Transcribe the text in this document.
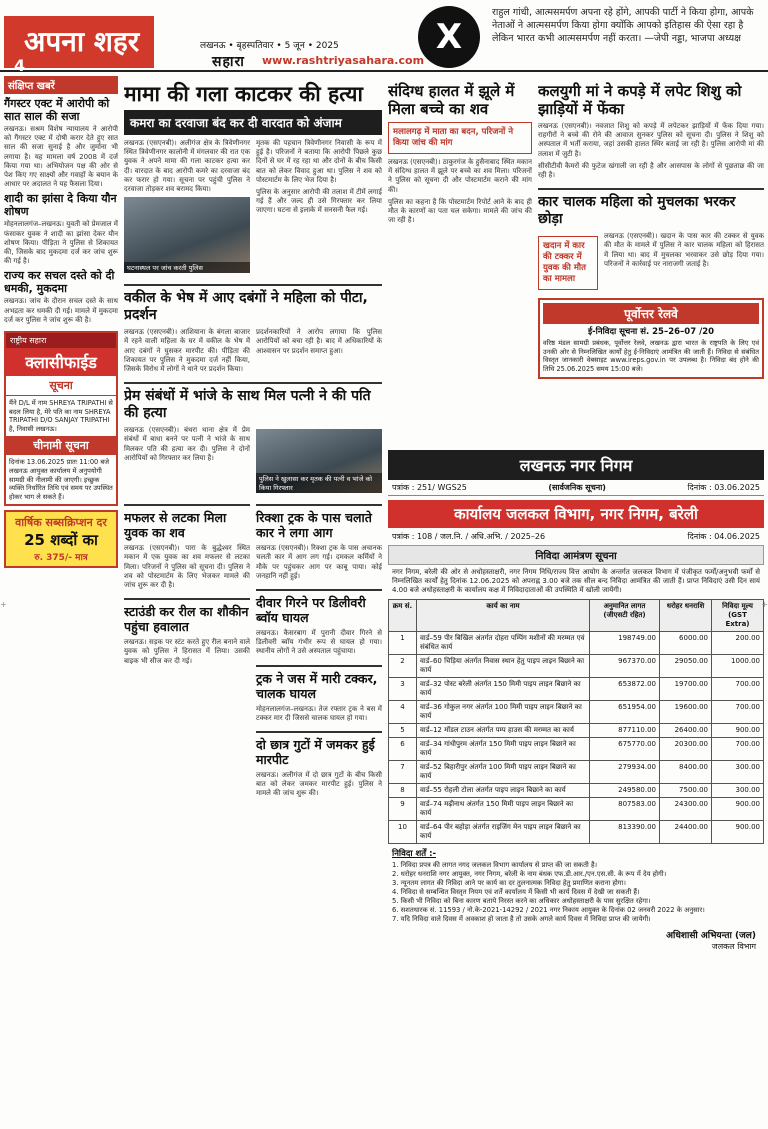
अपना शहर
4
लखनऊ • बृहस्पतिवार • 5 जून • 2025
सहारा www.rashtriyasahara.com
X
राहुल गांधी, आत्मसमर्पण अपना रहे होंगे, आपकी पार्टी ने किया होगा, आपके नेताओं ने आत्मसमर्पण किया होगा क्योंकि आपको इतिहास की ऐसा रहा है लेकिन भारत कभी आत्मसमर्पण नहीं करता। —जेपी नड्डा, भाजपा अध्यक्ष
संक्षिप्त खबरें
गैंगस्टर एक्ट में आरोपी को सात साल की सजा
लखनऊ। सश्रम विशेष न्यायालय ने आरोपी को गैंगस्टर एक्ट में दोषी करार देते हुए सात साल की सजा सुनाई है और जुर्माना भी लगाया है। यह मामला वर्ष 2008 में दर्ज किया गया था। अभियोजन पक्ष की ओर से पेश किए गए साक्ष्यों और गवाहों के बयान के आधार पर अदालत ने यह फैसला दिया।
शादी का झांसा दे किया यौन शोषण
मोहनलालगंज–लखनऊ। युवती को प्रेमजाल में फंसाकर युवक ने शादी का झांसा देकर यौन शोषण किया। पीड़िता ने पुलिस से शिकायत की, जिसके बाद मुकदमा दर्ज कर जांच शुरू की गई है।
राज्य कर सचल दस्ते को दी धमकी, मुकदमा
लखनऊ। जांच के दौरान सचल दस्ते के साथ अभद्रता कर धमकी दी गई। मामले में मुकदमा दर्ज कर पुलिस ने जांच शुरू की है।
राष्ट्रीय सहारा
क्लासीफाईड
सूचना
मैंने D/L में नाम SHREYA TRIPATHI से बदल लिया है, मेरे पति का नाम SHREYA TRIPATHI D/O SANJAY TRIPATHI है, निवासी लखनऊ।
चीनामी सूचना
दिनांक 13.06.2025 प्रातः 11:00 बजे लखनऊ आयुक्त कार्यालय में अनुपयोगी सामग्री की नीलामी की जाएगी। इच्छुक व्यक्ति निर्धारित तिथि एवं समय पर उपस्थित होकर भाग ले सकते हैं।
वार्षिक सब्सक्रिप्शन दर
25 शब्दों का
रु. 375/- मात्र
मामा की गला काटकर की हत्या
कमरा का दरवाजा बंद कर दी वारदात को अंजाम
लखनऊ (एसएनबी)। अलीगंज क्षेत्र के त्रिवेणीनगर स्थित त्रिवेणीनगर कालोनी में मंगलवार की रात एक युवक ने अपने मामा की गला काटकर हत्या कर दी। वारदात के बाद आरोपी कमरे का दरवाजा बंद कर फरार हो गया। सूचना पर पहुंची पुलिस ने दरवाजा तोड़कर शव बरामद किया।
घटनास्थल पर जांच करती पुलिस
मृतक की पहचान त्रिवेणीनगर निवासी के रूप में हुई है। परिजनों ने बताया कि आरोपी पिछले कुछ दिनों से घर में रह रहा था और दोनों के बीच किसी बात को लेकर विवाद हुआ था। पुलिस ने शव को पोस्टमार्टम के लिए भेज दिया है।
पुलिस के अनुसार आरोपी की तलाश में टीमें लगाई गई हैं और जल्द ही उसे गिरफ्तार कर लिया जाएगा। घटना से इलाके में सनसनी फैल गई।
वकील के भेष में आए दबंगों ने महिला को पीटा, प्रदर्शन
लखनऊ (एसएनबी)। आशियाना के बंगला बाजार में रहने वाली महिला के घर में वकील के भेष में आए दबंगों ने घुसकर मारपीट की। पीड़िता की शिकायत पर पुलिस ने मुकदमा दर्ज नहीं किया, जिसके विरोध में लोगों ने थाने पर प्रदर्शन किया।
प्रदर्शनकारियों ने आरोप लगाया कि पुलिस आरोपियों को बचा रही है। बाद में अधिकारियों के आश्वासन पर प्रदर्शन समाप्त हुआ।
प्रेम संबंधों में भांजे के साथ मिल पत्नी ने की पति की हत्या
लखनऊ (एसएनबी)। बंथरा थाना क्षेत्र में प्रेम संबंधों में बाधा बनने पर पत्नी ने भांजे के साथ मिलकर पति की हत्या कर दी। पुलिस ने दोनों आरोपियों को गिरफ्तार कर लिया है।
पुलिस ने खुलासा कर मृतक की पत्नी व भांजे को किया गिरफ्तार
मफलर से लटका मिला युवक का शव
लखनऊ (एसएनबी)। पारा के बुद्धेश्वर स्थित मकान में एक युवक का शव मफलर से लटका मिला। परिजनों ने पुलिस को सूचना दी। पुलिस ने शव को पोस्टमार्टम के लिए भेजकर मामले की जांच शुरू कर दी है।
स्टाउंडी कर रील का शौकीन पहुंचा हवालात
लखनऊ। सड़क पर स्टंट करते हुए रील बनाने वाले युवक को पुलिस ने हिरासत में लिया। उसकी बाइक भी सीज कर दी गई।
रिक्शा ट्रक के पास चलाते कार ने लगा आग
लखनऊ (एसएनबी)। रिक्शा ट्रक के पास अचानक चलती कार में आग लग गई। दमकल कर्मियों ने मौके पर पहुंचकर आग पर काबू पाया। कोई जनहानि नहीं हुई।
दीवार गिरने पर डिलीवरी ब्वॉय घायल
लखनऊ। कैसरबाग में पुरानी दीवार गिरने से डिलीवरी ब्वॉय गंभीर रूप से घायल हो गया। स्थानीय लोगों ने उसे अस्पताल पहुंचाया।
ट्रक ने जस में मारी टक्कर, चालक घायल
मोहनलालगंज–लखनऊ। तेज रफ्तार ट्रक ने बस में टक्कर मार दी जिससे चालक घायल हो गया।
दो छात्र गुटों में जमकर हुई मारपीट
लखनऊ। अलीगंज में दो छात्र गुटों के बीच किसी बात को लेकर जमकर मारपीट हुई। पुलिस ने मामले की जांच शुरू की।
संदिग्ध हालत में झूले में मिला बच्चे का शव
मलालगढ़ में माता का बदन, परिजनों ने किया जांच की मांग
लखनऊ (एसएनबी)। ठाकुरगंज के हुसैनाबाद स्थित मकान में संदिग्ध हालत में झूले पर बच्चे का शव मिला। परिजनों ने पुलिस को सूचना दी और पोस्टमार्टम कराने की मांग की।
पुलिस का कहना है कि पोस्टमार्टम रिपोर्ट आने के बाद ही मौत के कारणों का पता चल सकेगा। मामले की जांच की जा रही है।
कलयुगी मां ने कपड़े में लपेट शिशु को झाड़ियों में फेंका
लखनऊ (एसएनबी)। नवजात शिशु को कपड़े में लपेटकर झाड़ियों में फेंक दिया गया। राहगीरों ने बच्चे की रोने की आवाज सुनकर पुलिस को सूचना दी। पुलिस ने शिशु को अस्पताल में भर्ती कराया, जहां उसकी हालत स्थिर बताई जा रही है। पुलिस आरोपी मां की तलाश में जुटी है।
सीसीटीवी कैमरों की फुटेज खंगाली जा रही है और आसपास के लोगों से पूछताछ की जा रही है।
कार चालक महिला को मुचलका भरकर छोड़ा
खदान में कार की टक्कर में युवक की मौत का मामला
लखनऊ (एसएनबी)। खदान के पास कार की टक्कर से युवक की मौत के मामले में पुलिस ने कार चालक महिला को हिरासत में लिया था। बाद में मुचलका भरवाकर उसे छोड़ दिया गया। परिजनों ने कार्रवाई पर नाराजगी जताई है।
पूर्वोत्तर रेलवे
ई-निविदा सूचना सं. 25–26–07 /20
वरिष्ठ मंडल सामग्री प्रबंधक, पूर्वोत्तर रेलवे, लखनऊ द्वारा भारत के राष्ट्रपति के लिए एवं उनकी ओर से निम्नलिखित कार्यों हेतु ई-निविदाएं आमंत्रित की जाती हैं। निविदा से संबंधित विस्तृत जानकारी वेबसाइट www.ireps.gov.in पर उपलब्ध है। निविदा बंद होने की तिथि 25.06.2025 समय 15:00 बजे।
लखनऊ नगर निगम
पत्रांक : 251/ WGS25	(सार्वजनिक सूचना)	दिनांक : 03.06.2025
कार्यालय जलकल विभाग, नगर निगम, बरेली
पत्रांक : 108 / जल.नि. / अधि.अभि. / 2025–26	दिनांक : 04.06.2025
निविदा आमंत्रण सूचना
नगर निगम, बरेली की ओर से अधोहस्ताक्षरी, नगर निगम निधि/राज्य वित्त आयोग के अन्तर्गत जलकल विभाग में पंजीकृत फर्मों/अनुभवी फर्मों से निम्नलिखित कार्यों हेतु दिनांक 12.06.2025 को अपराह्न 3.00 बजे तक सील बन्द निविदा आमंत्रित की जाती हैं। प्राप्त निविदाएं उसी दिन सायं 4.00 बजे अधोहस्ताक्षरी के कार्यालय कक्ष में निविदादाताओं की उपस्थिति में खोली जायेंगी।
क्रम सं.	कार्य का नाम	अनुमानित लागत (जीएसटी रहित)	धरोहर धनराशि	निविदा मूल्य (GST Extra)
1	वार्ड–59 पीर बिखिल अंतर्गत दोहरा पम्पिंग मशीनों की मरम्मत एवं संबंधित कार्य	198749.00	6000.00	200.00
2	वार्ड–60 चिड़िया अंतर्गत निवास स्थान हेतु पाइप लाइन बिछाने का कार्य	967370.00	29050.00	1000.00
3	वार्ड–32 पोस्ट बरेली अंतर्गत 150 मिमी पाइप लाइन बिछाने का कार्य	653872.00	19700.00	700.00
4	वार्ड–36 गोकुल नगर अंतर्गत 100 मिमी पाइप लाइन बिछाने का कार्य	651954.00	19600.00	700.00
5	वार्ड–12 मॉडल टाउन अंतर्गत पम्प हाउस की मरम्मत का कार्य	877110.00	26400.00	900.00
6	वार्ड–34 गांधीपुरम अंतर्गत 150 मिमी पाइप लाइन बिछाने का कार्य	675770.00	20300.00	700.00
7	वार्ड–52 बिहारीपुर अंतर्गत 100 मिमी पाइप लाइन बिछाने का कार्य	279934.00	8400.00	300.00
8	वार्ड–55 रोहली टोला अंतर्गत पाइप लाइन बिछाने का कार्य	249580.00	7500.00	300.00
9	वार्ड–74 मढ़ीनाथ अंतर्गत 150 मिमी पाइप लाइन बिछाने का कार्य	807583.00	24300.00	900.00
10	वार्ड–64 पीर बहोड़ा अंतर्गत राइजिंग मेन पाइप लाइन बिछाने का कार्य	813390.00	24400.00	900.00
निविदा शर्तें :-
1. निविदा प्रपत्र की लागत नगद जलकल विभाग कार्यालय से प्राप्त की जा सकती है।
2. धरोहर धनराशि नगर आयुक्त, नगर निगम, बरेली के नाम बंधक एफ.डी.आर./एन.एस.सी. के रूप में देय होगी।
3. न्यूनतम लागत की निविदा आने पर कार्य का दर तुलनात्मक निविदा हेतु प्रमाणित कराना होगा।
4. निविदा से सम्बन्धित विस्तृत नियम एवं शर्तें कार्यालय में किसी भी कार्य दिवस में देखी जा सकती हैं।
5. किसी भी निविदा को बिना कारण बताये निरस्त करने का अधिकार अधोहस्ताक्षरी के पास सुरक्षित रहेगा।
6. सशतधारक सं. 11593 / नो.के-2021-14292 / 2021 नगर निकाय आयुक्त के दिनांक 02 जनवरी 2022 के अनुसार।
7. यदि निविदा वाले दिवस में अवकाश हो जाता है तो उसके अगले कार्य दिवस में निविदा प्राप्त की जायेगी।
अधिशासी अभियन्ता (जल)
जलकल विभाग
+	+
